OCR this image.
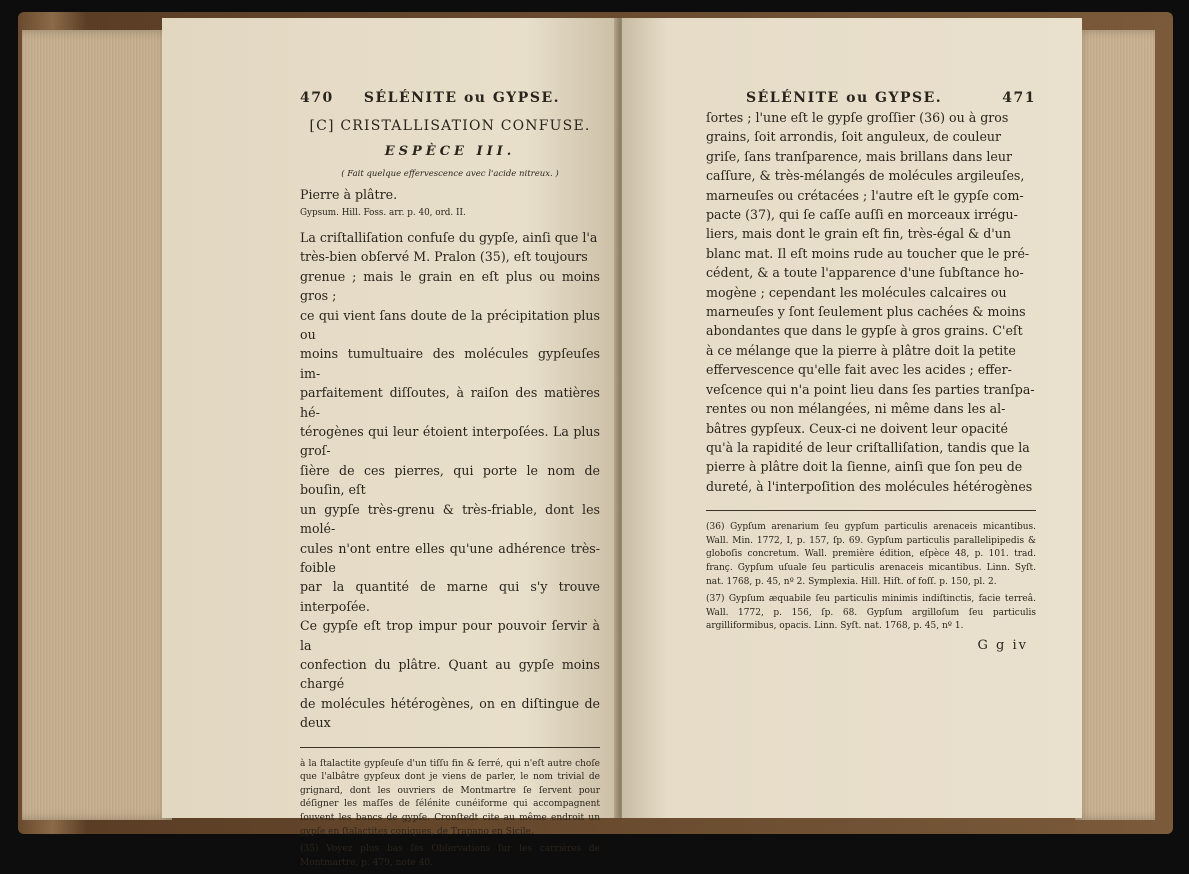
470 SÉLÉNITE ou GYPSE.
[C] CRISTALLISATION CONFUSE.
ESPÈCE III.
( Fait quelque effervescence avec l'acide nitreux. )
Pierre à plâtre.
Gypsum. Hill. Foss. arr. p. 40, ord. II.
La criſtalliſation confuſe du gypſe, ainſi que l'a
très-bien obſervé M. Pralon (35), eſt toujours
grenue ; mais le grain en eſt plus ou moins gros ;
ce qui vient ſans doute de la précipitation plus ou
moins tumultuaire des molécules gypſeuſes im-
parfaitement diſſoutes, à raiſon des matières hé-
térogènes qui leur étoient interpoſées. La plus groſ-
ſière de ces pierres, qui porte le nom de bouſin, eſt
un gypſe très-grenu & très-friable, dont les molé-
cules n'ont entre elles qu'une adhérence très-foible
par la quantité de marne qui s'y trouve interpoſée.
Ce gypſe eſt trop impur pour pouvoir ſervir à la
confection du plâtre. Quant au gypſe moins chargé
de molécules hétérogènes, on en diſtingue de deux

à la ſtalactite gypſeuſe d'un tiſſu fin & ſerré, qui n'eſt autre choſe que l'albâtre gypſeux dont je viens de parler, le nom trivial de grignard, dont les ouvriers de Montmartre ſe ſervent pour déſigner les maſſes de ſélénite cunéiforme qui accompagnent ſouvent les bancs de gypſe. Cronſtedt cite au même endroit un gypſe en ſtalactites coniques, de Trapano en Sicile.

(35) Voyez plus bas ſes Obſervations ſur les carrières de Montmartre, p. 479, note 40.

SÉLÉNITE ou GYPSE.	471
ſortes ; l'une eſt le gypſe groſſier (36) ou à gros
grains, ſoit arrondis, ſoit anguleux, de couleur
griſe, ſans tranſparence, mais brillans dans leur
caſſure, & très-mélangés de molécules argileuſes,
marneuſes ou crétacées ; l'autre eſt le gypſe com-
pacte (37), qui ſe caſſe auſſi en morceaux irrégu-
liers, mais dont le grain eſt fin, très-égal & d'un
blanc mat. Il eſt moins rude au toucher que le pré-
cédent, & a toute l'apparence d'une ſubſtance ho-
mogène ; cependant les molécules calcaires ou
marneuſes y ſont ſeulement plus cachées & moins
abondantes que dans le gypſe à gros grains. C'eſt
à ce mélange que la pierre à plâtre doit la petite
effervescence qu'elle fait avec les acides ; effer-
veſcence qui n'a point lieu dans ſes parties tranſpa-
rentes ou non mélangées, ni même dans les al-
bâtres gypſeux. Ceux-ci ne doivent leur opacité
qu'à la rapidité de leur criſtalliſation, tandis que la
pierre à plâtre doit la ſienne, ainſi que ſon peu de
dureté, à l'interpoſition des molécules hétérogènes

(36) Gypſum arenarium ſeu gypſum particulis arenaceis micantibus. Wall. Min. 1772, I, p. 157, ſp. 69. Gypſum particulis parallelipipedis & globoſis concretum. Wall. première édition, eſpèce 48, p. 101. trad. franç. Gypſum uſuale ſeu particulis arenaceis micantibus. Linn. Syſt. nat. 1768, p. 45, nº 2. Symplexia. Hill. Hiſt. of foſſ. p. 150, pl. 2.

(37) Gypſum æquabile ſeu particulis minimis indiſtinctis, facie terreâ. Wall. 1772, p. 156, ſp. 68. Gypſum argilloſum ſeu particulis argilliformibus, opacis. Linn. Syſt. nat. 1768, p. 45, nº 1.

G g iv
